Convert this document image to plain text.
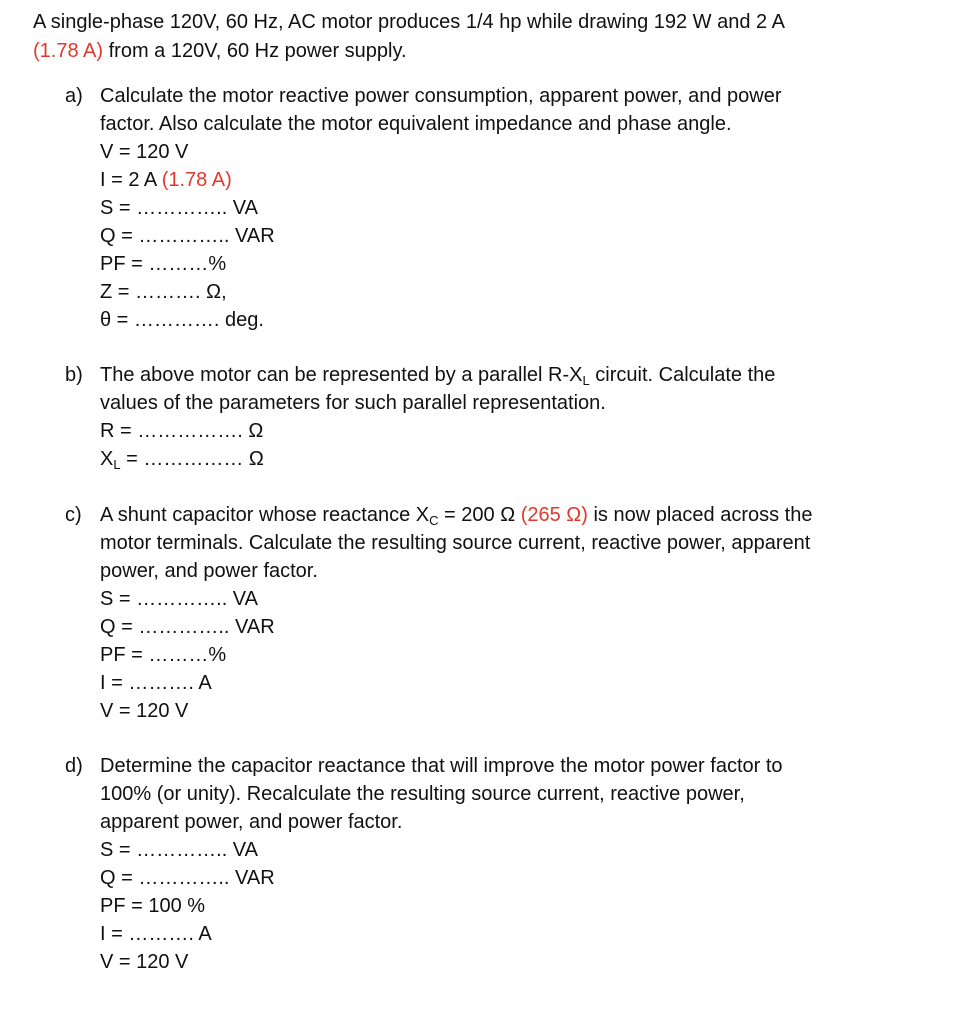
A single-phase 120V, 60 Hz, AC motor produces 1/4 hp while drawing 192 W and 2 A
(1.78 A) from a 120V, 60 Hz power supply.
a) Calculate the motor reactive power consumption, apparent power, and power
factor. Also calculate the motor equivalent impedance and phase angle.
V = 120 V
I = 2 A (1.78 A)
S = ………….. VA
Q = ………….. VAR
PF = ………%
Z = ………. Ω,
θ = …………. deg.
b) The above motor can be represented by a parallel $R-X_L$ circuit. Calculate the
values of the parameters for such parallel representation.
R = ……………. Ω
$X_L$ = …………… Ω
c) A shunt capacitor whose reactance $X_C = 200$ Ω (265 Ω) is now placed across the
motor terminals. Calculate the resulting source current, reactive power, apparent
power, and power factor.
S = ………….. VA
Q = ………….. VAR
PF = ………%
I = ………. A
V = 120 V
d) Determine the capacitor reactance that will improve the motor power factor to
100% (or unity). Recalculate the resulting source current, reactive power,
apparent power, and power factor.
S = ………….. VA
Q = ………….. VAR
PF = 100 %
I = ………. A
V = 120 V
